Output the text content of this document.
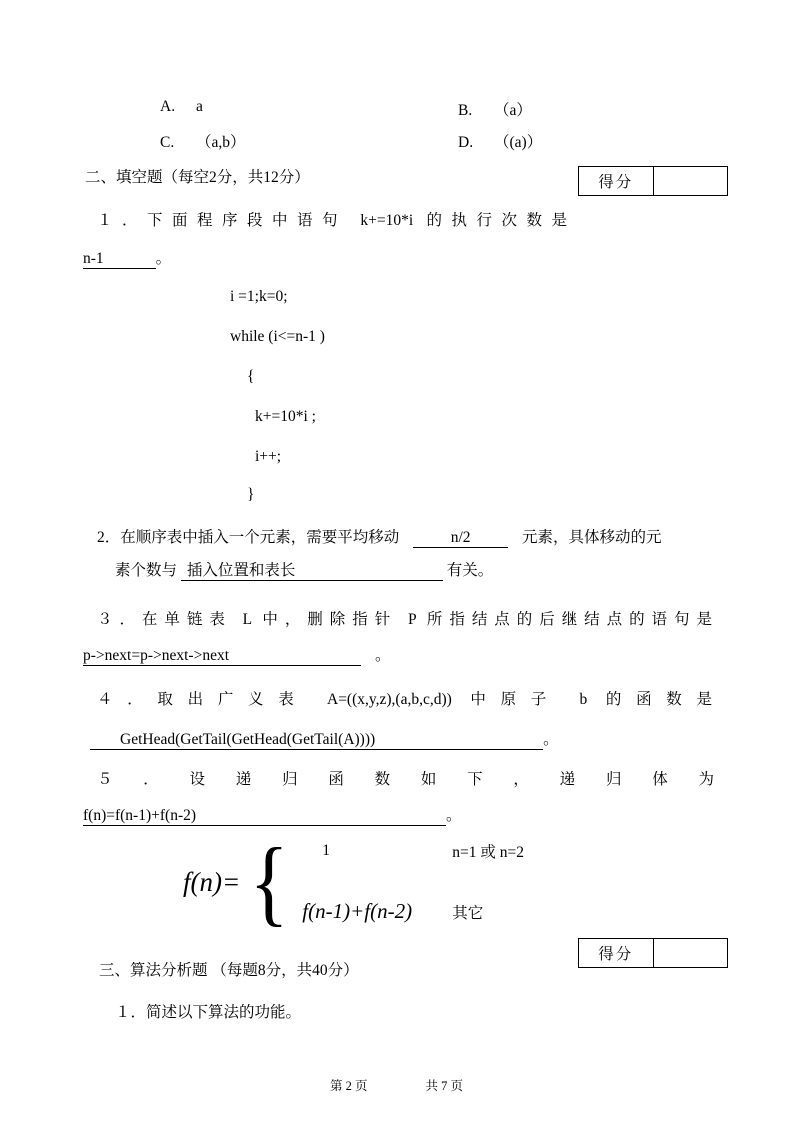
A. a	B. （a）
C. （a,b）	D. （(a)）
二、填空题（每空2分，共12分）	得分
１．下面程序段中语句 k+=10*i 的执行次数是
n-1	。
i =1;k=0;
while (i<=n-1 )
{
k+=10*i ;
i++;
}
2．在顺序表中插入一个元素，需要平均移动	n/2	元素，具体移动的元
素个数与 插入位置和表长	有关。
３．在单链表 L 中，删除指针 P 所指结点的后继结点的语句是
p->next=p->next->next	。
４．取出广义表 A=((x,y,z),(a,b,c,d)) 中原子 b 的函数是
GetHead(GetTail(GetHead(GetTail(A))))	。
５．设递归函数如下，递归体为
f(n)=f(n-1)+f(n-2)	。
f(n)=
{
1	n=1 或 n=2
f(n-1)+f(n-2)	其它
得分
三、算法分析题 （每题8分，共40分）
１．简述以下算法的功能。
第 2 页	共 7 页
